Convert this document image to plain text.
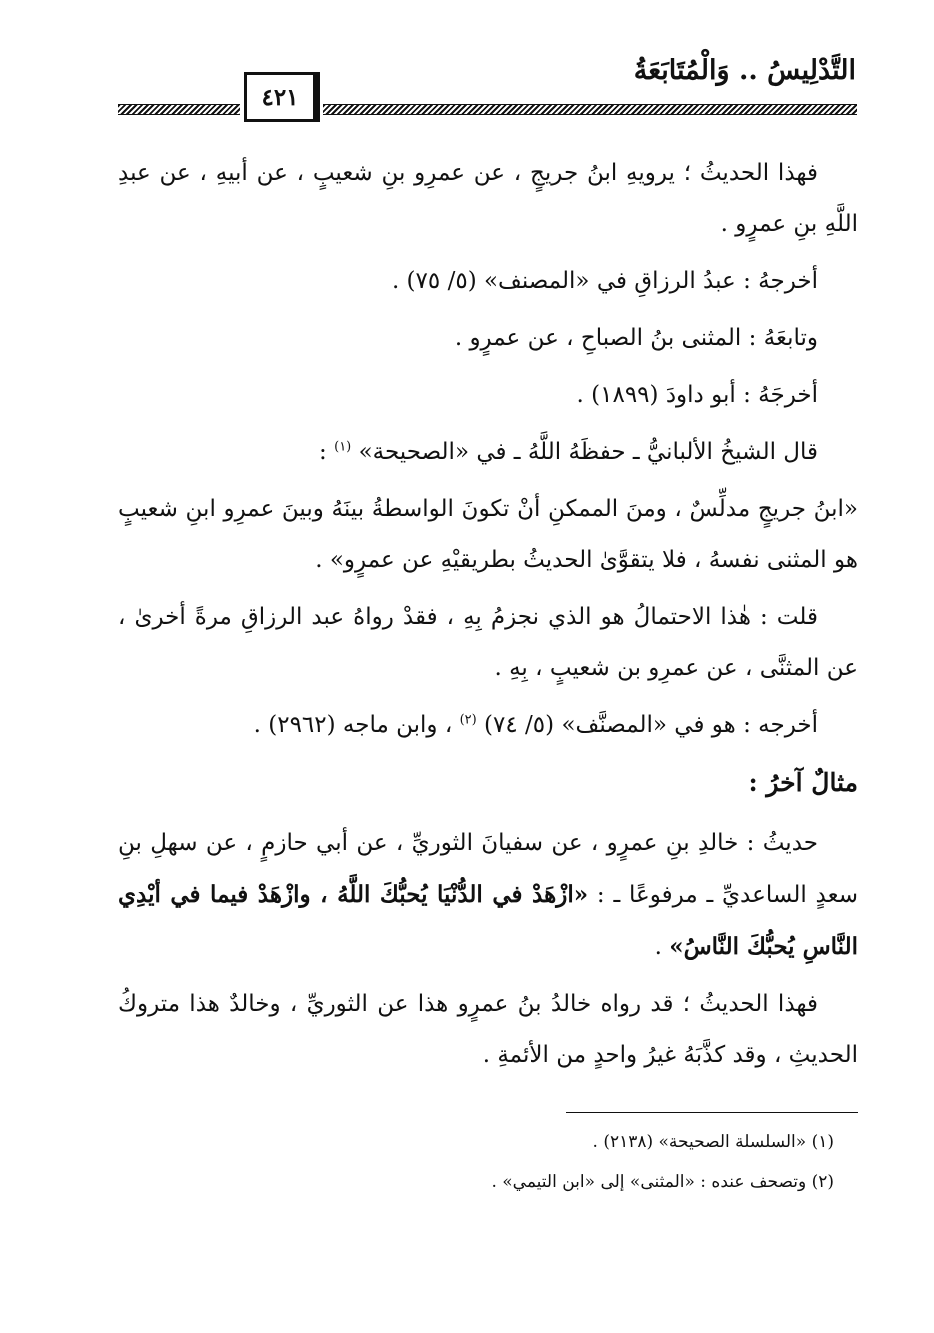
التَّدْلِيسُ .. وَالْمُتَابَعَةُ
٤٢١

فهذا الحديثُ ؛ يرويهِ ابنُ جريجٍ ، عن عمرِو بنِ شعيبٍ ، عن أبيهِ ، عن عبدِ اللَّهِ بنِ عمرٍو .

أخرجهُ : عبدُ الرزاقِ في «المصنف» (٥/ ٧٥) .

وتابعَهُ : المثنى بنُ الصباحِ ، عن عمرٍو .

أخرجَهُ : أبو داودَ (١٨٩٩) .

قال الشيخُ الألبانيُّ ـ حفظَهُ اللَّهُ ـ في «الصحيحة» $^{(١)}$ :

«ابنُ جريجٍ مدلِّسٌ ، ومنَ الممكنِ أنْ تكونَ الواسطةُ بينَهُ وبينَ عمرِو ابنِ شعيبٍ هو المثنى نفسهُ ، فلا يتقوَّىٰ الحديثُ بطريقيْهِ عن عمرٍو» .

قلت : هٰذا الاحتمالُ هو الذي نجزمُ بِهِ ، فقدْ رواهُ عبد الرزاقِ مرةً أخرىٰ ، عن المثنَّى ، عن عمرِو بن شعيبٍ ، بِهِ .

أخرجه : هو في «المصنَّف» (٥/ ٧٤) $^{(٢)}$ ، وابن ماجه (٢٩٦٢) .

مثالٌ آخرُ :

حديثُ : خالدِ بنِ عمرٍو ، عن سفيانَ الثوريِّ ، عن أبي حازمٍ ، عن سهلِ بنِ سعدٍ الساعديِّ ـ مرفوعًا ـ : «ازْهَدْ في الدُّنْيَا يُحبُّكَ اللَّهُ ، وازْهَدْ فيما في أيْدِي النَّاسِ يُحبُّكَ النَّاسُ» .

فهذا الحديثُ ؛ قد رواه خالدُ بنُ عمرٍو هذا عن الثوريِّ ، وخالدٌ هذا متروكُ الحديثِ ، وقد كذَّبَهُ غيرُ واحدٍ من الأئمةِ .

(١) «السلسلة الصحيحة» (٢١٣٨) .

(٢) وتصحف عنده : «المثنى» إلى «ابن التيمي» .
